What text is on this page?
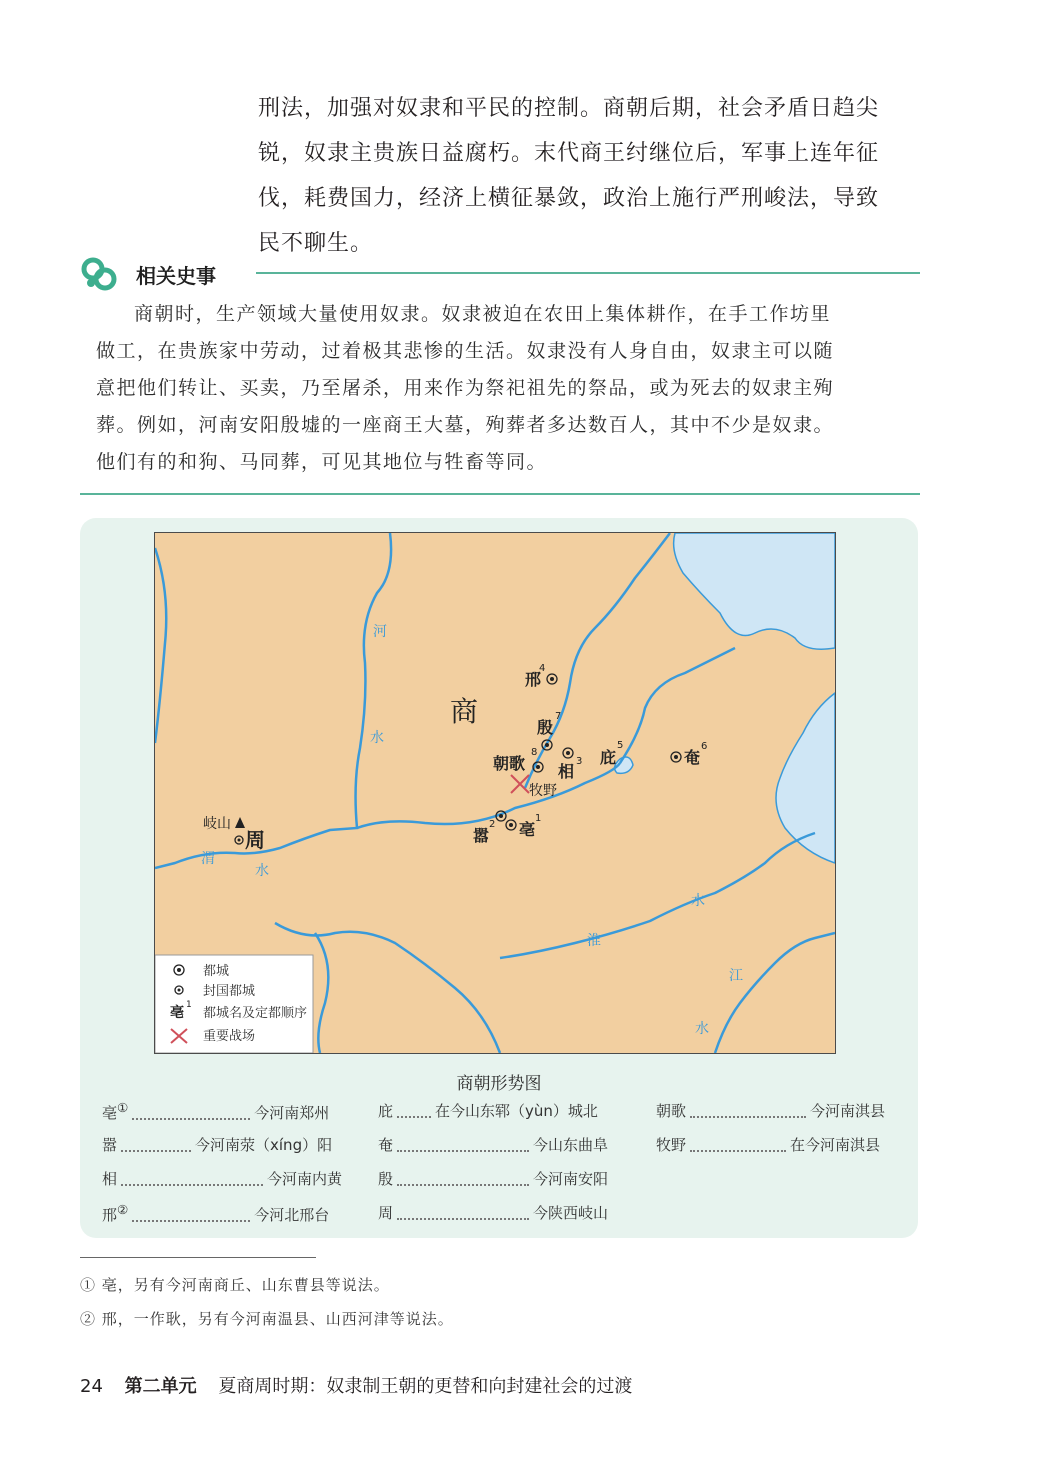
刑法，加强对奴隶和平民的控制。商朝后期，社会矛盾日趋尖

锐，奴隶主贵族日益腐朽。末代商王纣继位后，军事上连年征

伐，耗费国力，经济上横征暴敛，政治上施行严刑峻法，导致

民不聊生。

相关史事

商朝时，生产领域大量使用奴隶。奴隶被迫在农田上集体耕作，在手工作坊里

做工，在贵族家中劳动，过着极其悲惨的生活。奴隶没有人身自由，奴隶主可以随

意把他们转让、买卖，乃至屠杀，用来作为祭祀祖先的祭品，或为死去的奴隶主殉

葬。例如，河南安阳殷墟的一座商王大墓，殉葬者多达数百人，其中不少是奴隶。

他们有的和狗、马同葬，可见其地位与牲畜等同。

河
水
渭
水
淮
水
江
水
商
邢
4
殷
7
朝歌
8
相
3 庇
5
奄
6
牧野
嚣
2 亳
1
岐山
周
都城
封国都城
亳 1
都城名及定都顺序
重要战场
商朝形势图
亳①	今河南郑州
嚣	今河南荥（xíng）阳
相	今河南内黄
邢②	今河北邢台
庇	在今山东郓（yùn）城北
奄	今山东曲阜
殷	今河南安阳
周	今陕西岐山
朝歌	今河南淇县
牧野	在今河南淇县
① 亳，另有今河南商丘、山东曹县等说法。
② 邢，一作耿，另有今河南温县、山西河津等说法。
24 第二单元 夏商周时期：奴隶制王朝的更替和向封建社会的过渡
